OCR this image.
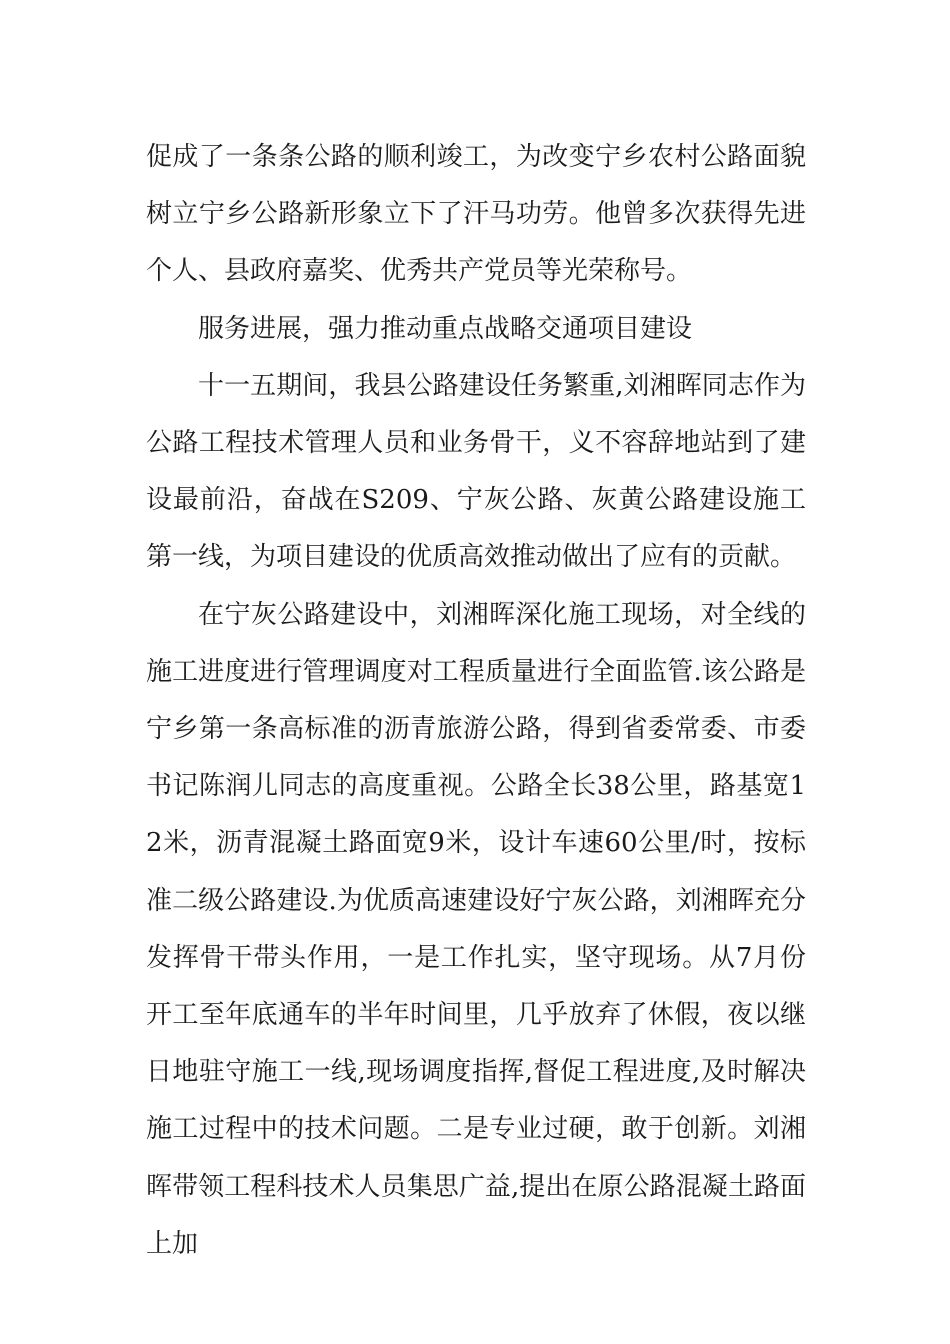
促成了一条条公路的顺利竣工，为改变宁乡农村公路面貌树立宁乡公路新形象立下了汗马功劳。他曾多次获得先进个人、县政府嘉奖、优秀共产党员等光荣称号。

服务进展，强力推动重点战略交通项目建设

十一五期间，我县公路建设任务繁重,刘湘晖同志作为公路工程技术管理人员和业务骨干，义不容辞地站到了建设最前沿，奋战在S209、宁灰公路、灰黄公路建设施工第一线，为项目建设的优质高效推动做出了应有的贡献。

在宁灰公路建设中，刘湘晖深化施工现场，对全线的施工进度进行管理调度对工程质量进行全面监管.该公路是宁乡第一条高标准的沥青旅游公路，得到省委常委、市委书记陈润儿同志的高度重视。公路全长38公里，路基宽12米，沥青混凝土路面宽9米，设计车速60公里/时，按标准二级公路建设.为优质高速建设好宁灰公路，刘湘晖充分发挥骨干带头作用，一是工作扎实，坚守现场。从7月份开工至年底通车的半年时间里，几乎放弃了休假，夜以继日地驻守施工一线,现场调度指挥,督促工程进度,及时解决施工过程中的技术问题。二是专业过硬，敢于创新。刘湘晖带领工程科技术人员集思广益,提出在原公路混凝土路面上加
